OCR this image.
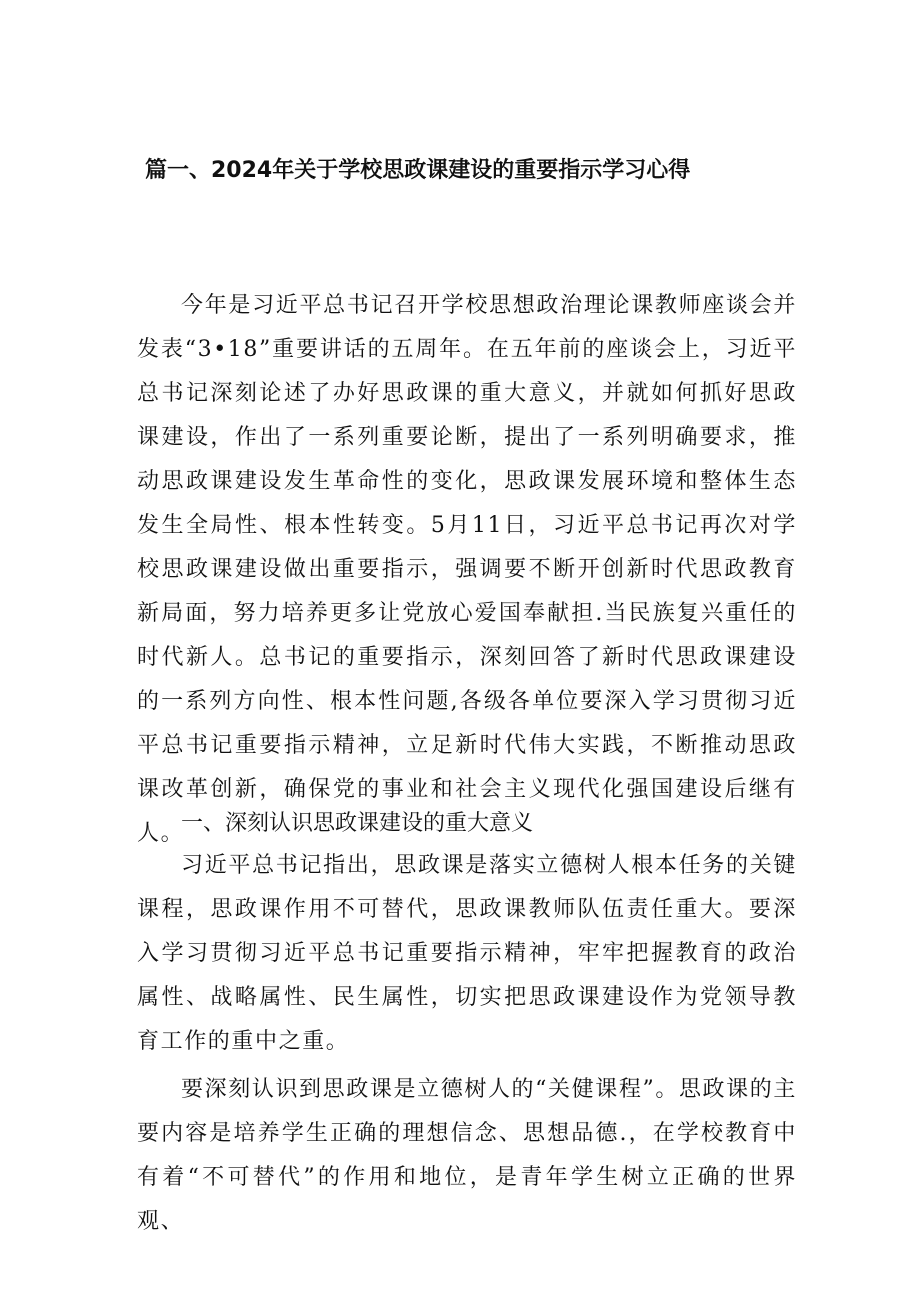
篇一、2024年关于学校思政课建设的重要指示学习心得

今年是习近平总书记召开学校思想政治理论课教师座谈会并发表“3•18”重要讲话的五周年。在五年前的座谈会上，习近平总书记深刻论述了办好思政课的重大意义，并就如何抓好思政课建设，作出了一系列重要论断，提出了一系列明确要求，推动思政课建设发生革命性的变化，思政课发展环境和整体生态发生全局性、根本性转变。5月11日，习近平总书记再次对学校思政课建设做出重要指示，强调要不断开创新时代思政教育新局面，努力培养更多让党放心爱国奉献担.当民族复兴重任的时代新人。总书记的重要指示，深刻回答了新时代思政课建设的一系列方向性、根本性问题,各级各单位要深入学习贯彻习近平总书记重要指示精神，立足新时代伟大实践，不断推动思政课改革创新，确保党的事业和社会主义现代化强国建设后继有人。

一、深刻认识思政课建设的重大意义

习近平总书记指出，思政课是落实立德树人根本任务的关键课程，思政课作用不可替代，思政课教师队伍责任重大。要深入学习贯彻习近平总书记重要指示精神，牢牢把握教育的政治属性、战略属性、民生属性，切实把思政课建设作为党领导教育工作的重中之重。

要深刻认识到思政课是立德树人的“关健课程”。思政课的主要内容是培养学生正确的理想信念、思想品德.，在学校教育中有着“不可替代”的作用和地位，是青年学生树立正确的世界观、
